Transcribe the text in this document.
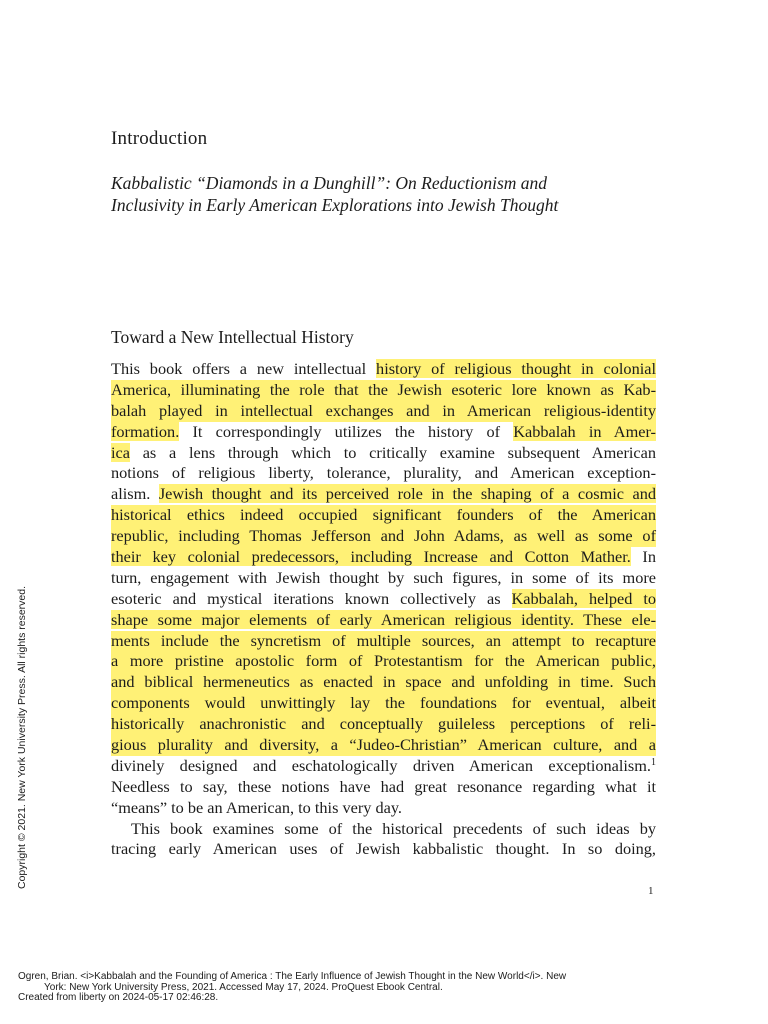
Introduction
Kabbalistic “Diamonds in a Dunghill”: On Reductionism and
Inclusivity in Early American Explorations into Jewish Thought
Toward a New Intellectual History
This book offers a new intellectual history of religious thought in colonial
America, illuminating the role that the Jewish esoteric lore known as Kab-
balah played in intellectual exchanges and in American religious-identity
formation. It correspondingly utilizes the history of Kabbalah in Amer-
ica as a lens through which to critically examine subsequent American
notions of religious liberty, tolerance, plurality, and American exception-
alism. Jewish thought and its perceived role in the shaping of a cosmic and
historical ethics indeed occupied significant founders of the American
republic, including Thomas Jefferson and John Adams, as well as some of
their key colonial predecessors, including Increase and Cotton Mather. In
turn, engagement with Jewish thought by such figures, in some of its more
esoteric and mystical iterations known collectively as Kabbalah, helped to
shape some major elements of early American religious identity. These ele-
ments include the syncretism of multiple sources, an attempt to recapture
a more pristine apostolic form of Protestantism for the American public,
and biblical hermeneutics as enacted in space and unfolding in time. Such
components would unwittingly lay the foundations for eventual, albeit
historically anachronistic and conceptually guileless perceptions of reli-
gious plurality and diversity, a “Judeo-Christian” American culture, and a
divinely designed and eschatologically driven American exceptionalism.$^1$
Needless to say, these notions have had great resonance regarding what it
“means” to be an American, to this very day.
This book examines some of the historical precedents of such ideas by
tracing early American uses of Jewish kabbalistic thought. In so doing,
1
Copyright © 2021. New York University Press. All rights reserved.
Ogren, Brian. <i>Kabbalah and the Founding of America : The Early Influence of Jewish Thought in the New World</i>. New
York: New York University Press, 2021. Accessed May 17, 2024. ProQuest Ebook Central.
Created from liberty on 2024-05-17 02:46:28.
